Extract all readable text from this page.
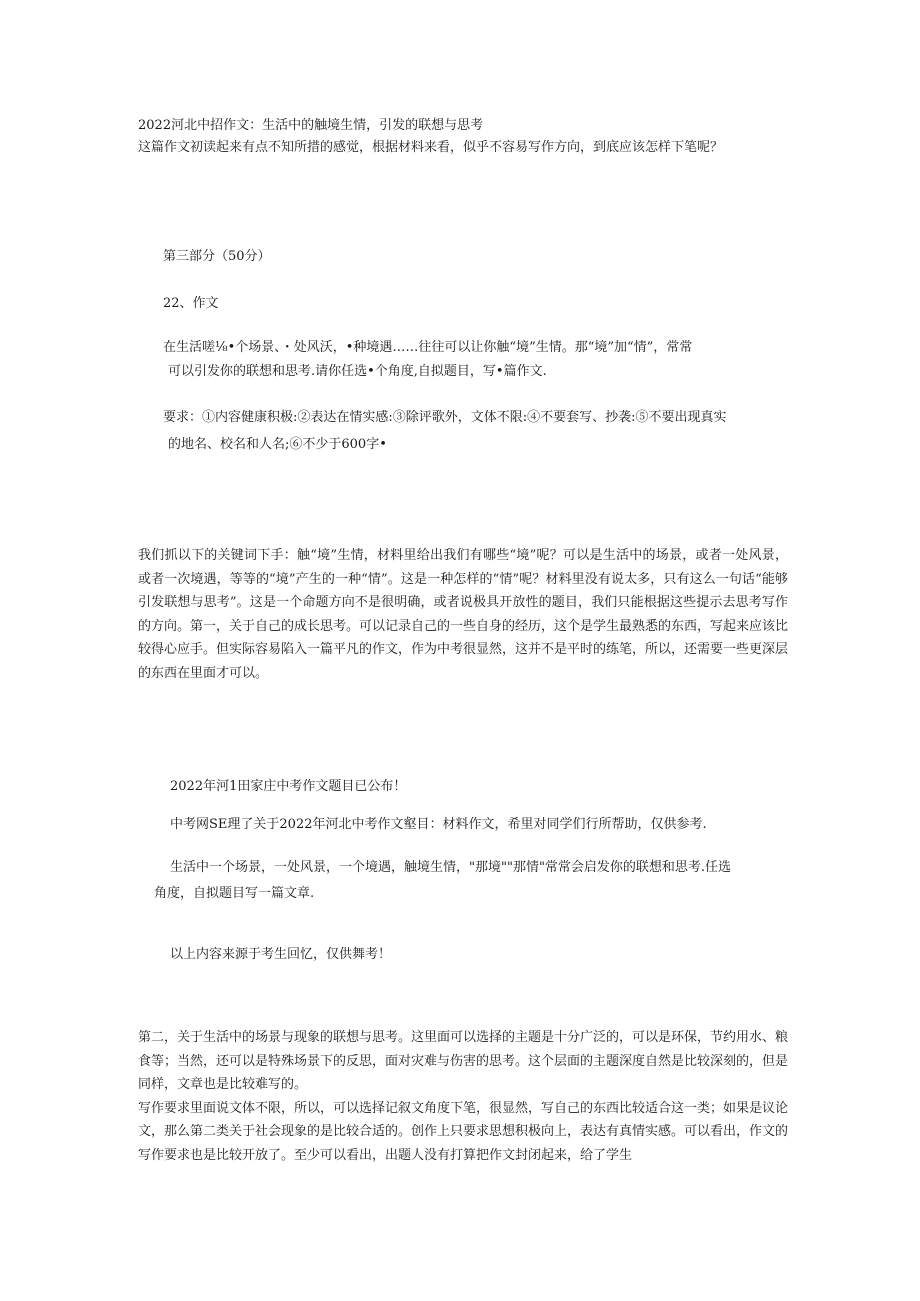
2022河北中招作文：生活中的触境生情，引发的联想与思考
这篇作文初读起来有点不知所措的感觉，根据材料来看，似乎不容易写作方向，到底应该怎样下笔呢？
第三部分（50分）
22、作文
在生活嗟⅛•个场景、・处风沃，•种境遇……往往可以让你触“境”生情。那“境”加“情”，常常
可以引发你的联想和思考.请你任选•个角度,自拟题目，写•篇作文.
要求：①内容健康积极:②表达在情实感:③除评歌外，文体不限:④不要套写、抄袭:⑤不要出现真实
的地名、校名和人名;⑥不少于600字•

我们抓以下的关键词下手：触“境”生情，材料里给出我们有哪些“境”呢？可以是生活中的场景，或者一处风景，或者一次境遇，等等的“境”产生的一种“情”。这是一种怎样的“情”呢？材料里没有说太多，只有这么一句话“能够引发联想与思考”。这是一个命题方向不是很明确，或者说极具开放性的题目，我们只能根据这些提示去思考写作的方向。第一，关于自己的成长思考。可以记录自己的一些自身的经历，这个是学生最熟悉的东西，写起来应该比较得心应手。但实际容易陷入一篇平凡的作文，作为中考很显然，这并不是平时的练笔，所以，还需要一些更深层的东西在里面才可以。

2022年河1田家庄中考作文题目已公布！
中考网SE理了关于2022年河北中考作文壑目：材料作文，希里对同学们行所帮助，仅供参考.
生活中一个场景，一处风景，一个境遇，触境生情，"那境""那情"常常会启发你的联想和思考.任选
角度，自拟题目写一篇文章.
以上内容来源于考生回忆，仅供舞考！

第二，关于生活中的场景与现象的联想与思考。这里面可以选择的主题是十分广泛的，可以是环保，节约用水、粮食等；当然，还可以是特殊场景下的反思，面对灾难与伤害的思考。这个层面的主题深度自然是比较深刻的，但是同样，文章也是比较难写的。

写作要求里面说文体不限，所以，可以选择记叙文角度下笔，很显然，写自己的东西比较适合这一类；如果是议论文，那么第二类关于社会现象的是比较合适的。创作上只要求思想积极向上，表达有真情实感。可以看出，作文的写作要求也是比较开放了。至少可以看出，出题人没有打算把作文封闭起来，给了学生
